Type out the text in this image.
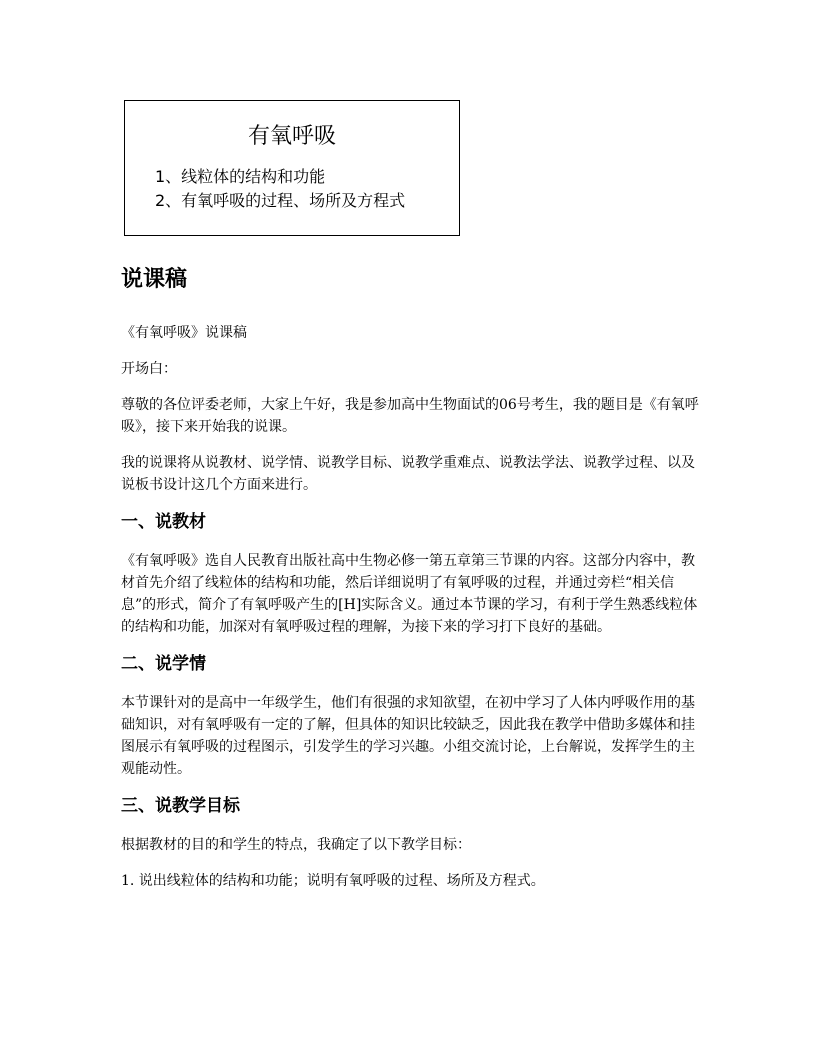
有氧呼吸
1、线粒体的结构和功能
2、有氧呼吸的过程、场所及方程式
说课稿

《有氧呼吸》说课稿

开场白：

尊敬的各位评委老师，大家上午好，我是参加高中生物面试的06号考生，我的题目是《有氧呼吸》，接下来开始我的说课。

我的说课将从说教材、说学情、说教学目标、说教学重难点、说教法学法、说教学过程、以及说板书设计这几个方面来进行。

一、说教材

《有氧呼吸》选自人民教育出版社高中生物必修一第五章第三节课的内容。这部分内容中，教材首先介绍了线粒体的结构和功能，然后详细说明了有氧呼吸的过程，并通过旁栏“相关信息”的形式，简介了有氧呼吸产生的[H]实际含义。通过本节课的学习，有利于学生熟悉线粒体的结构和功能，加深对有氧呼吸过程的理解，为接下来的学习打下良好的基础。

二、说学情

本节课针对的是高中一年级学生，他们有很强的求知欲望，在初中学习了人体内呼吸作用的基础知识，对有氧呼吸有一定的了解，但具体的知识比较缺乏，因此我在教学中借助多媒体和挂图展示有氧呼吸的过程图示，引发学生的学习兴趣。小组交流讨论，上台解说，发挥学生的主观能动性。

三、说教学目标

根据教材的目的和学生的特点，我确定了以下教学目标：

1. 说出线粒体的结构和功能；说明有氧呼吸的过程、场所及方程式。
